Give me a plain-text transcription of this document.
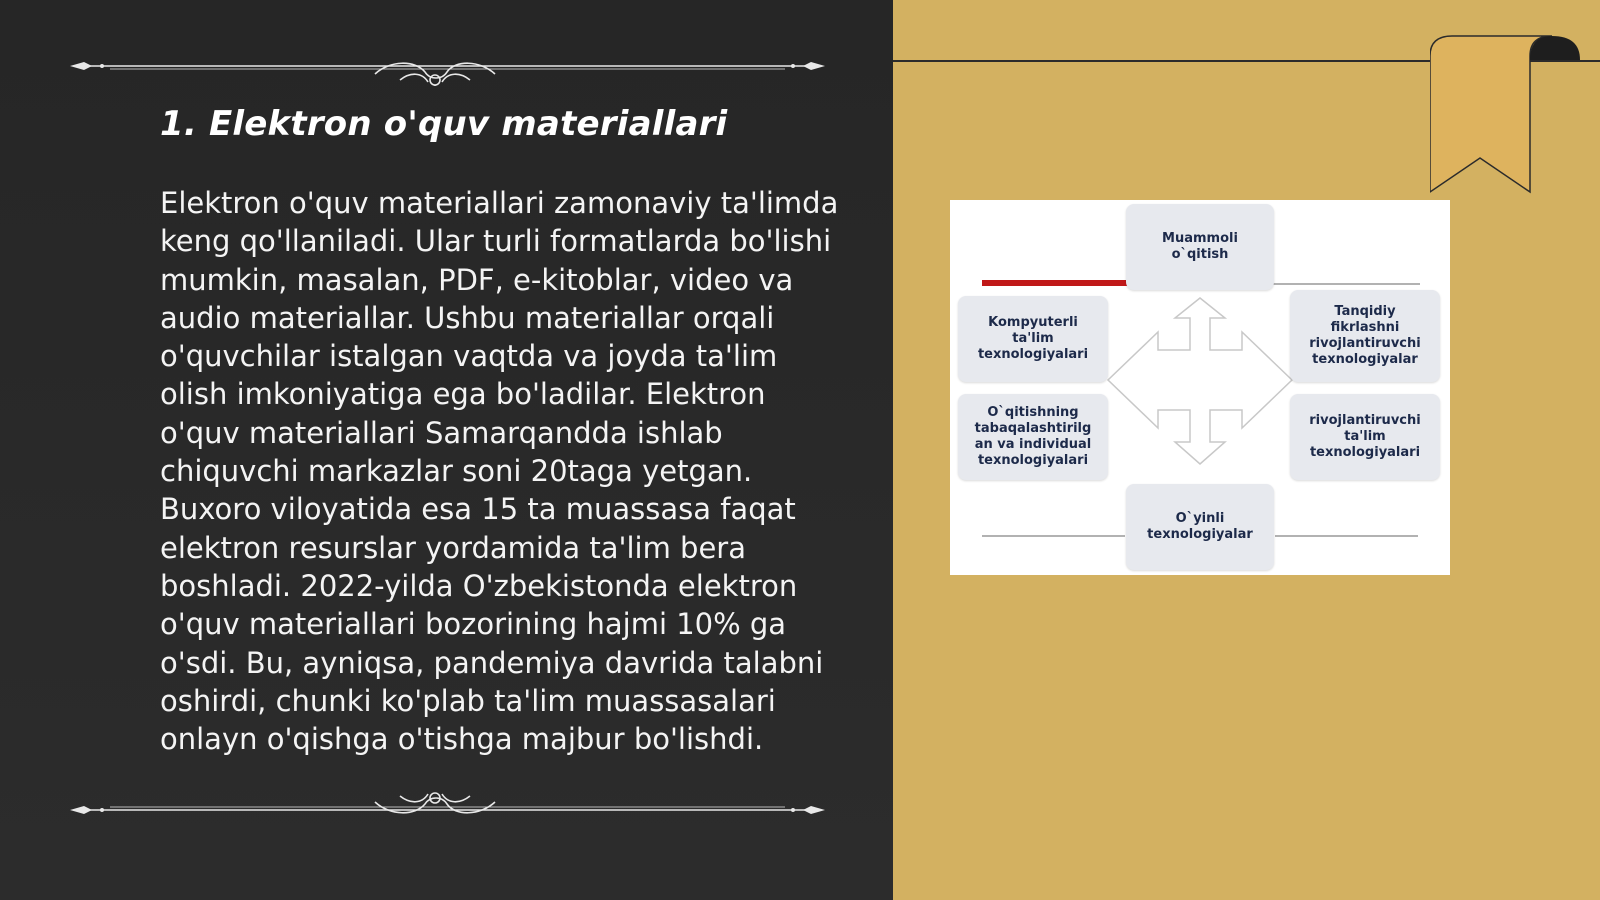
1. Elektron o'quv materiallari

Elektron o'quv materiallari zamonaviy ta'limda keng qo'llaniladi. Ular turli formatlarda bo'lishi mumkin, masalan, PDF, e-kitoblar, video va audio materiallar. Ushbu materiallar orqali o'quvchilar istalgan vaqtda va joyda ta'lim olish imkoniyatiga ega bo'ladilar. Elektron o'quv materiallari Samarqandda ishlab chiquvchi markazlar soni 20taga yetgan. Buxoro viloyatida esa 15 ta muassasa faqat elektron resurslar yordamida ta'lim bera boshladi. 2022-yilda O'zbekistonda elektron o'quv materiallari bozorining hajmi 10% ga o'sdi. Bu, ayniqsa, pandemiya davrida talabni oshirdi, chunki ko'plab ta'lim muassasalari onlayn o'qishga o'tishga majbur bo'lishdi.

Muammoli
o`qitish
Kompyuterli
ta'lim
texnologiyalari
O`qitishning
tabaqalashtirilg
an va individual
texnologiyalari
Tanqidiy
fikrlashni
rivojlantiruvchi
texnologiyalar
rivojlantiruvchi
ta'lim
texnologiyalari
O`yinli
texnologiyalar
